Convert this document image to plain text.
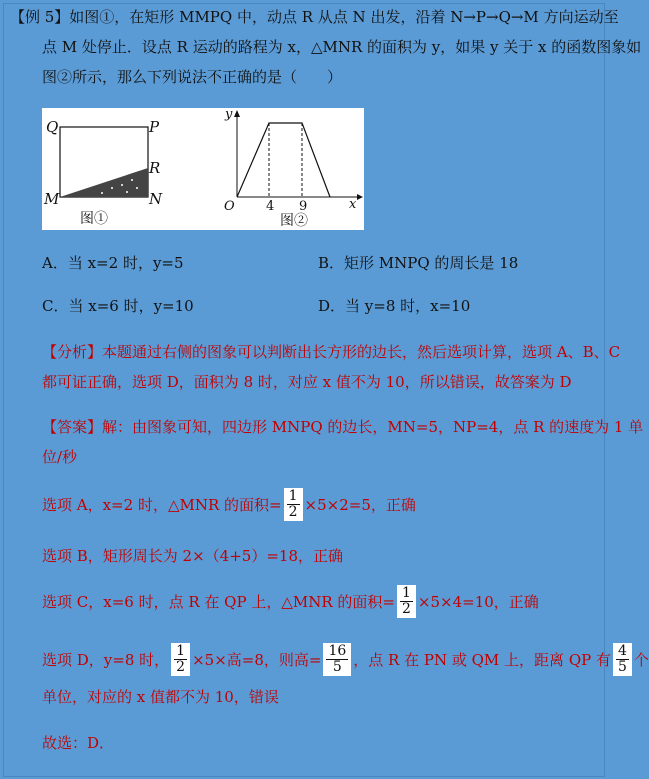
【例 5】如图①，在矩形 MMPQ 中，动点 R 从点 N 出发，沿着 N→P→Q→M 方向运动至
点 M 处停止．设点 R 运动的路程为 x，△MNR 的面积为 y，如果 y 关于 x 的函数图象如
图②所示，那么下列说法不正确的是（　　）
Q	P
R
M	N
图①
y
x
O 4 9
图②
A．当 x=2 时，y=5	B．矩形 MNPQ 的周长是 18
C．当 x=6 时，y=10	D．当 y=8 时，x=10
【分析】本题通过右侧的图象可以判断出长方形的边长，然后选项计算，选项 A、B、C
都可证正确，选项 D，面积为 8 时，对应 x 值不为 10，所以错误，故答案为 D
【答案】解：由图象可知，四边形 MNPQ 的边长，MN=5，NP=4，点 R 的速度为 1 单
位/秒
选项 A，x=2 时，△MNR 的面积= $\frac{1}{2} \times 5\times 2 =5$，正确
选项 B，矩形周长为 2×（4+5）=18，正确
选项 C，x=6 时，点 R 在 QP 上，△MNR 的面积= $\frac{1}{2} \times 5\times 4 =10$，正确
选项 D，y=8 时， $\frac{1}{2} \times 5\times$高=8，则高= $\frac{16}{5}$ ，点 R 在 PN 或 QM 上，距离 QP 有 $\frac{4}{5}$ 个
单位，对应的 x 值都不为 10，错误
故选：D．
